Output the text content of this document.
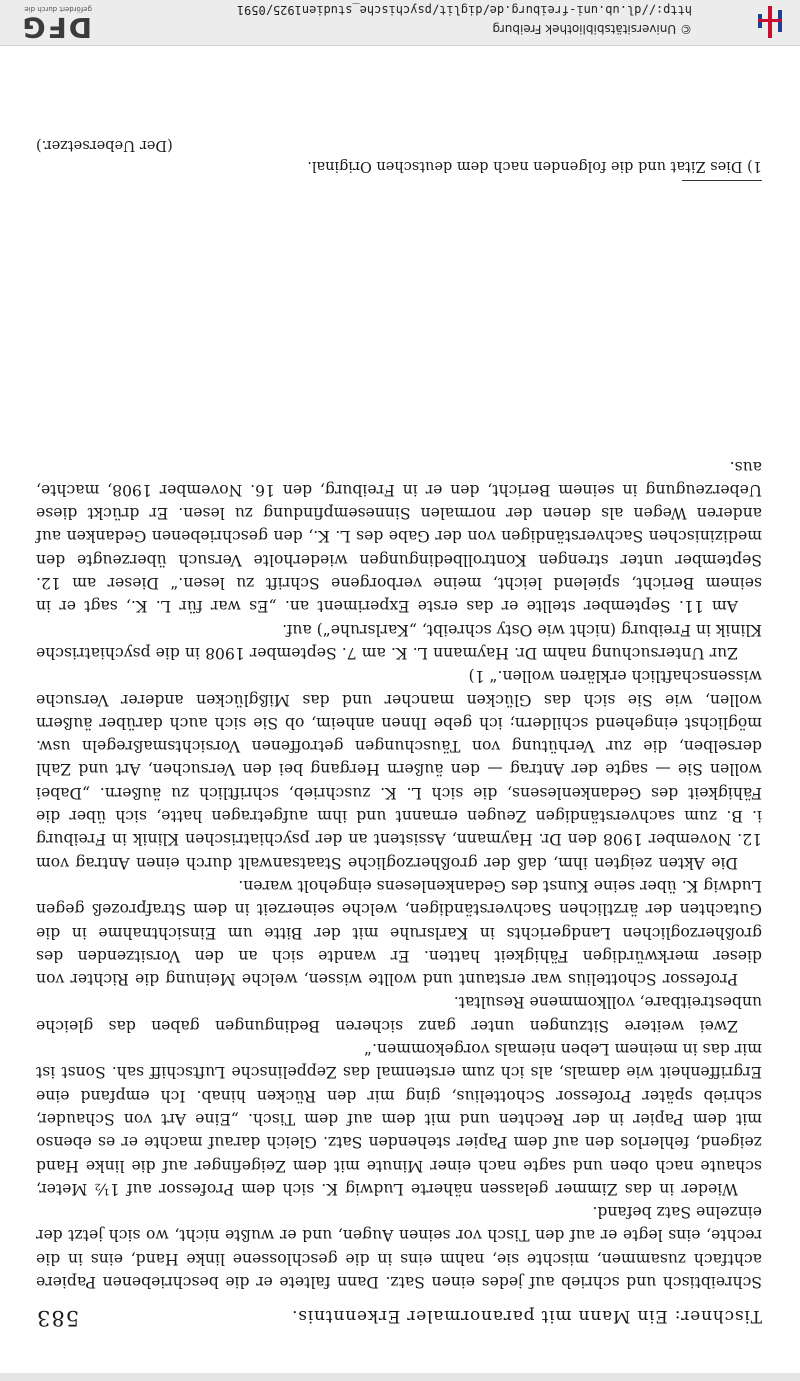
Tischner: Ein Mann mit paranormaler Erkenntnis.
583

Schreibtisch und schrieb auf jedes einen Satz. Dann faltete er die beschriebenen Papiere achtfach zusammen, mischte sie, nahm eins in die geschlossene linke Hand, eins in die rechte, eins legte er auf den Tisch vor seinen Augen, und er wußte nicht, wo sich jetzt der einzelne Satz befand.

Wieder in das Zimmer gelassen näherte Ludwig K. sich dem Professor auf 1½ Meter, schaute nach oben und sagte nach einer Minute mit dem Zeigefinger auf die linke Hand zeigend, fehlerlos den auf dem Papier stehenden Satz. Gleich darauf machte er es ebenso mit dem Papier in der Rechten und mit dem auf dem Tisch. „Eine Art von Schauder, schrieb später Professor Schottelius, ging mir den Rücken hinab. Ich empfand eine Ergriffenheit wie damals, als ich zum erstenmal das Zeppelinsche Luftschiff sah. Sonst ist mir das in meinem Leben niemals vorgekommen.“

Zwei weitere Sitzungen unter ganz sicheren Bedingungen gaben das gleiche unbestreitbare, vollkommene Resultat.

Professor Schottelius war erstaunt und wollte wissen, welche Meinung die Richter von dieser merkwürdigen Fähigkeit hatten. Er wandte sich an den Vorsitzenden des großherzoglichen Landgerichts in Karlsruhe mit der Bitte um Einsichtnahme in die Gutachten der ärztlichen Sachverständigen, welche seinerzeit in dem Strafprozeß gegen Ludwig K. über seine Kunst des Gedankenlesens eingeholt waren.

Die Akten zeigten ihm, daß der großherzogliche Staatsanwalt durch einen Antrag vom 12. November 1908 den Dr. Haymann, Assistent an der psychiatrischen Klinik in Freiburg i. B. zum sachverständigen Zeugen ernannt und ihm aufgetragen hatte, sich über die Fähigkeit des Gedankenlesens, die sich L. K. zuschrieb, schriftlich zu äußern. „Dabei wollen Sie — sagte der Antrag — den äußern Hergang bei den Versuchen, Art und Zahl derselben, die zur Verhütung von Täuschungen getroffenen Vorsichtsmaßregeln usw. möglichst eingehend schildern; ich gebe Ihnen anheim, ob Sie sich auch darüber äußern wollen, wie Sie sich das Glücken mancher und das Mißglücken anderer Versuche wissenschaftlich erklären wollen.“ 1)

Zur Untersuchung nahm Dr. Haymann L. K. am 7. September 1908 in die psychiatrische Klinik in Freiburg (nicht wie Osty schreibt, „Karlsruhe“) auf.

Am 11. September stellte er das erste Experiment an. „Es war für L. K., sagt er in seinem Bericht, spielend leicht, meine verborgene Schrift zu lesen.“ Dieser am 12. September unter strengen Kontrollbedingungen wiederholte Versuch überzeugte den medizinischen Sachverständigen von der Gabe des L. K., den geschriebenen Gedanken auf anderen Wegen als denen der normalen Sinnesempfindung zu lesen. Er drückt diese Ueberzeugung in seinem Bericht, den er in Freiburg, den 16. November 1908, machte, aus.

1) Dies Zitat und die folgenden nach dem deutschen Original.
(Der Uebersetzer.)
© Universitätsbibliothek Freiburg
http://dl.ub.uni-freiburg.de/diglit/psychische_studien1925/0591
DFG
gefördert durch die
